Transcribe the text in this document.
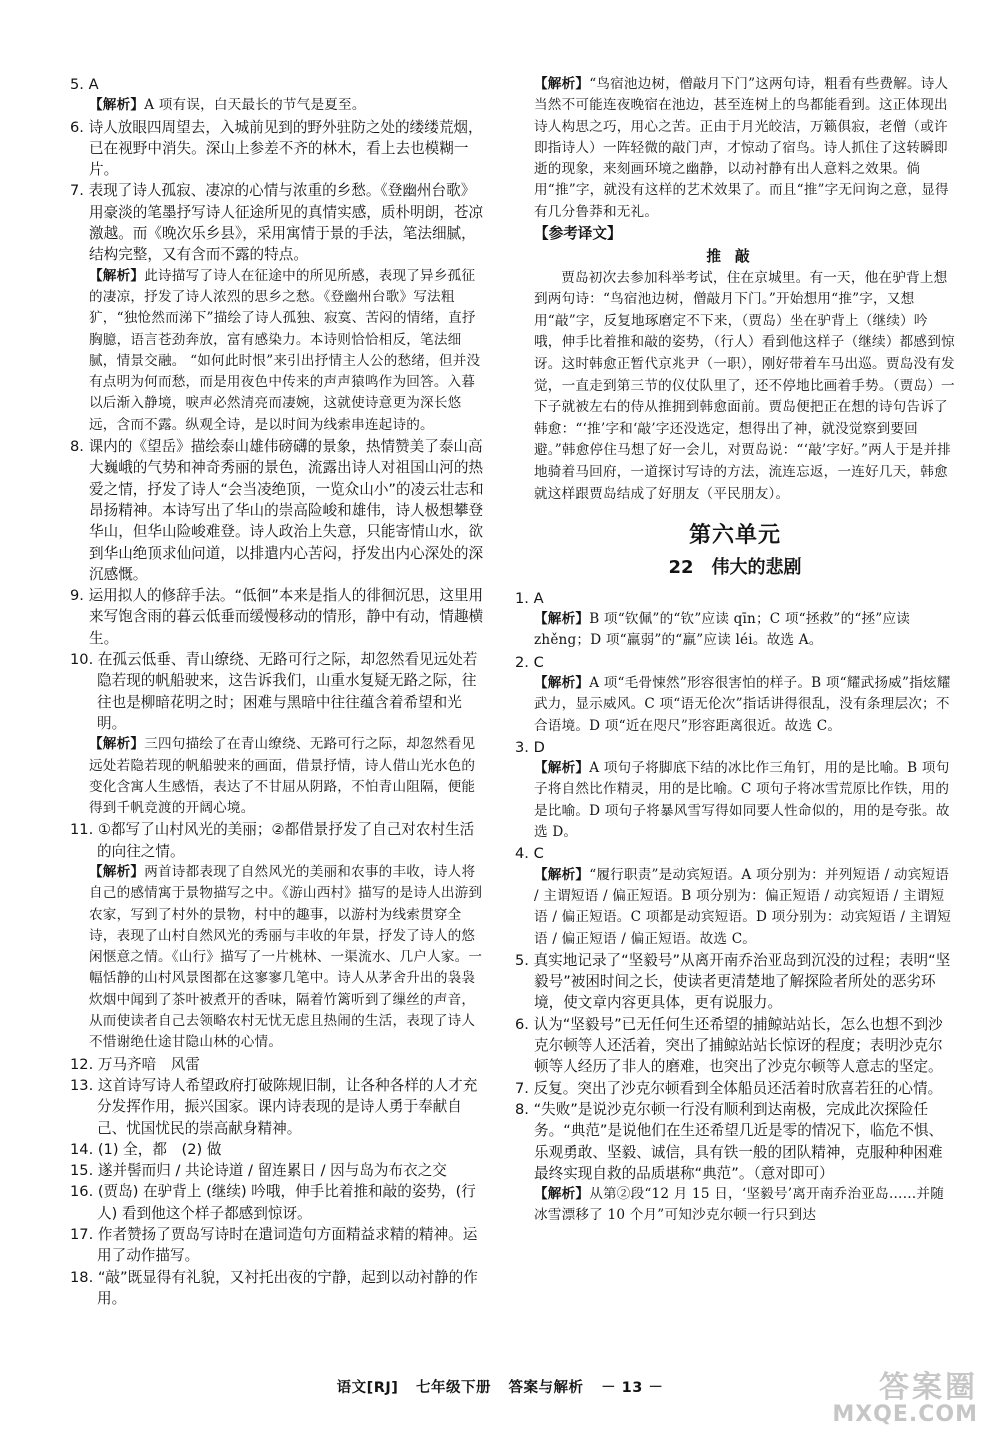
5. A
【解析】A 项有误，白天最长的节气是夏至。
6. 诗人放眼四周望去，入城前见到的野外驻防之处的缕缕荒烟，已在视野中消失。深山上参差不齐的林木，看上去也模糊一片。
7. 表现了诗人孤寂、凄凉的心情与浓重的乡愁。《登幽州台歌》用豪淡的笔墨抒写诗人征途所见的真情实感，质朴明朗，苍凉激越。而《晚次乐乡县》，采用寓情于景的手法，笔法细腻，结构完整，又有含而不露的特点。
【解析】此诗描写了诗人在征途中的所见所感，表现了异乡孤征的凄凉，抒发了诗人浓烈的思乡之愁。《登幽州台歌》写法粗犷，“独怆然而涕下”描绘了诗人孤独、寂寞、苦闷的情绪，直抒胸臆，语言苍劲奔放，富有感染力。本诗则恰恰相反，笔法细腻，情景交融。 “如何此时恨”来引出抒情主人公的愁绪，但并没有点明为何而愁，而是用夜色中传来的声声猿鸣作为回答。入暮以后渐入静境，唳声必然清亮而凄婉，这就使诗意更为深长悠远，含而不露。纵观全诗，是以时间为线索串连起诗的。
8. 课内的《望岳》描绘泰山雄伟磅礴的景象，热情赞美了泰山高大巍峨的气势和神奇秀丽的景色，流露出诗人对祖国山河的热爱之情，抒发了诗人“会当凌绝顶，一览众山小”的凌云壮志和昂扬精神。本诗写出了华山的崇高险峻和雄伟，诗人极想攀登华山，但华山险峻难登。诗人政治上失意，只能寄情山水，欲到华山绝顶求仙问道，以排遣内心苦闷，抒发出内心深处的深沉感慨。
9. 运用拟人的修辞手法。“低徊”本来是指人的徘徊沉思，这里用来写饱含雨的暮云低垂而缓慢移动的情形，静中有动，情趣横生。
10. 在孤云低垂、青山缭绕、无路可行之际，却忽然看见远处若隐若现的帆船驶来，这告诉我们，山重水复疑无路之际，往往也是柳暗花明之时；困难与黑暗中往往蕴含着希望和光明。
【解析】三四句描绘了在青山缭绕、无路可行之际，却忽然看见远处若隐若现的帆船驶来的画面，借景抒情，诗人借山光水色的变化含寓人生感悟，表达了不甘屈从阴路，不怕青山阻隔，便能得到千帆竞渡的开阔心境。
11. ①都写了山村风光的美丽；②都借景抒发了自己对农村生活的向往之情。
【解析】两首诗都表现了自然风光的美丽和农事的丰收，诗人将自己的感情寓于景物描写之中。《游山西村》描写的是诗人出游到农家，写到了村外的景物，村中的趣事，以游村为线索贯穿全诗，表现了山村自然风光的秀丽与丰收的年景，抒发了诗人的悠闲惬意之情。《山行》描写了一片桃林、一渠流水、几户人家。一幅恬静的山村风景图都在这寥寥几笔中。诗人从茅舍升出的袅袅炊烟中闻到了茶叶被煮开的香味，隔着竹篱听到了缫丝的声音，从而使读者自己去领略农村无忧无虑且热闹的生活，表现了诗人不惜谢绝仕途甘隐山林的心情。
12. 万马齐喑　风雷
13. 这首诗写诗人希望政府打破陈规旧制，让各种各样的人才充分发挥作用，振兴国家。课内诗表现的是诗人勇于奉献自己、忧国忧民的崇高献身精神。
14. (1) 全，都　(2) 做
15. 遂并髻而归 / 共论诗道 / 留连累日 / 因与岛为布衣之交
16. (贾岛) 在驴背上 (继续) 吟哦，伸手比着推和敲的姿势，(行人) 看到他这个样子都感到惊讶。
17. 作者赞扬了贾岛写诗时在遣词造句方面精益求精的精神。运用了动作描写。
18. “敲”既显得有礼貌，又衬托出夜的宁静，起到以动衬静的作用。
【解析】“鸟宿池边树，僧敲月下门”这两句诗，粗看有些费解。诗人当然不可能连夜晚宿在池边，甚至连树上的鸟都能看到。这正体现出诗人构思之巧，用心之苦。正由于月光皎洁，万籁俱寂，老僧（或许即指诗人）一阵轻微的敲门声，才惊动了宿鸟。诗人抓住了这转瞬即逝的现象，来刻画环境之幽静，以动衬静有出人意料之效果。倘用“推”字，就没有这样的艺术效果了。而且“推”字无问询之意，显得有几分鲁莽和无礼。
【参考译文】
推敲
贾岛初次去参加科举考试，住在京城里。有一天，他在驴背上想到两句诗：“鸟宿池边树，僧敲月下门。”开始想用“推”字，又想用“敲”字，反复地琢磨定不下来，（贾岛）坐在驴背上（继续）吟哦，伸手比着推和敲的姿势，（行人）看到他这样子（继续）都感到惊讶。这时韩愈正暂代京兆尹（一职），刚好带着车马出巡。贾岛没有发觉，一直走到第三节的仪仗队里了，还不停地比画着手势。（贾岛）一下子就被左右的侍从推拥到韩愈面前。贾岛便把正在想的诗句告诉了韩愈：“‘推’字和‘敲’字还没选定，想得出了神，就没觉察到要回避。”韩愈停住马想了好一会儿，对贾岛说：“‘敲’字好。”两人于是并排地骑着马回府，一道探讨写诗的方法，流连忘返，一连好几天，韩愈就这样跟贾岛结成了好朋友（平民朋友）。
第六单元
22　伟大的悲剧
1. A
【解析】B 项“钦佩”的“钦”应读 qīn；C 项“拯救”的“拯”应读 zhěng；D 项“羸弱”的“羸”应读 léi。故选 A。
2. C
【解析】A 项“毛骨悚然”形容很害怕的样子。B 项“耀武扬威”指炫耀武力，显示威风。C 项“语无伦次”指话讲得很乱，没有条理层次；不合语境。D 项“近在咫尺”形容距离很近。故选 C。
3. D
【解析】A 项句子将脚底下结的冰比作三角钉，用的是比喻。B 项句子将自然比作精灵，用的是比喻。C 项句子将冰雪荒原比作铁，用的是比喻。D 项句子将暴风雪写得如同要人性命似的，用的是夸张。故选 D。
4. C
【解析】“履行职责”是动宾短语。A 项分别为：并列短语 / 动宾短语 / 主谓短语 / 偏正短语。B 项分别为：偏正短语 / 动宾短语 / 主谓短语 / 偏正短语。C 项都是动宾短语。D 项分别为：动宾短语 / 主谓短语 / 偏正短语 / 偏正短语。故选 C。
5. 真实地记录了“坚毅号”从离开南乔治亚岛到沉没的过程；表明“坚毅号”被困时间之长，使读者更清楚地了解探险者所处的恶劣环境，使文章内容更具体，更有说服力。
6. 认为“坚毅号”已无任何生还希望的捕鲸站站长，怎么也想不到沙克尔顿等人还活着，突出了捕鲸站站长惊讶的程度；表明沙克尔顿等人经历了非人的磨难，也突出了沙克尔顿等人意志的坚定。
7. 反复。突出了沙克尔顿看到全体船员还活着时欣喜若狂的心情。
8. “失败”是说沙克尔顿一行没有顺利到达南极，完成此次探险任务。“典范”是说他们在生还希望几近是零的情况下，临危不惧、乐观勇敢、坚毅、诚信，具有铁一般的团队精神，克服种种困难最终实现自救的品质堪称“典范”。（意对即可）
【解析】从第②段“12 月 15 日，‘坚毅号’离开南乔治亚岛……并随冰雪漂移了 10 个月”可知沙克尔顿一行只到达
语文[RJ] 七年级下册 答案与解析 － 13 －	答案圈
MXQE.COM
